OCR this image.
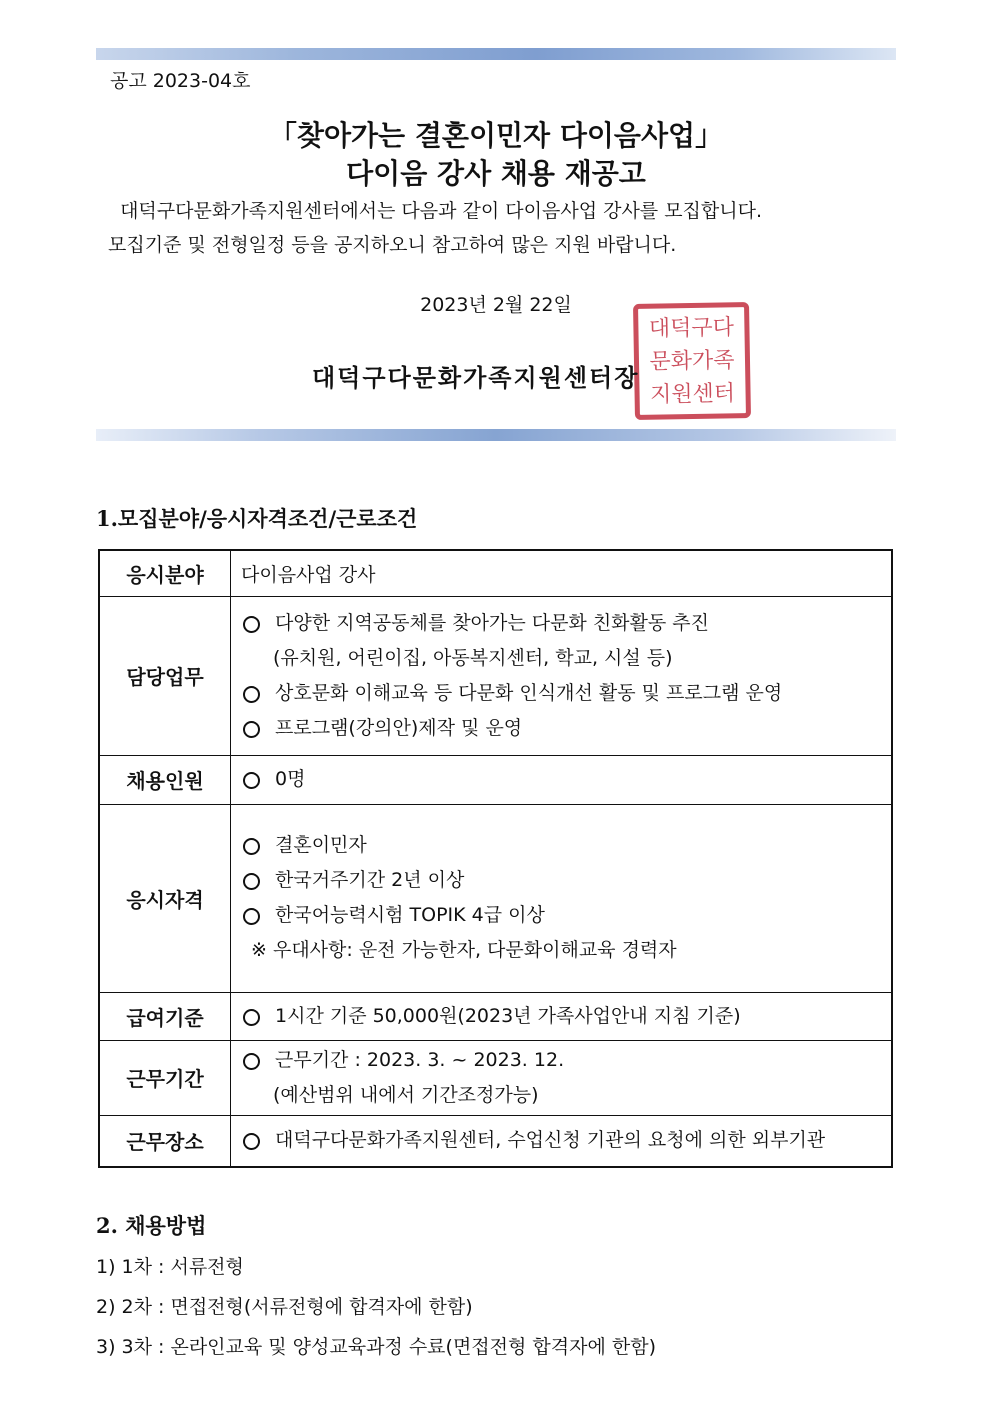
공고 2023-04호
「찾아가는 결혼이민자 다이음사업」
다이음 강사 채용 재공고
대덕구다문화가족지원센터에서는 다음과 같이 다이음사업 강사를 모집합니다.
모집기준 및 전형일정 등을 공지하오니 참고하여 많은 지원 바랍니다.
2023년 2월 22일
대덕구다
문화가족
지원센터
대덕구다문화가족지원센터장
1.모집분야/응시자격조건/근로조건
응시분야	다이음사업 강사
담당업무	다양한 지역공동체를 찾아가는 다문화 친화활동 추진
(유치원, 어린이집, 아동복지센터, 학교, 시설 등)
상호문화 이해교육 등 다문화 인식개선 활동 및 프로그램 운영
프로그램(강의안)제작 및 운영

채용인원	0명

응시자격	결혼이민자
한국거주기간 2년 이상
한국어능력시험 TOPIK 4급 이상
※ 우대사항: 운전 가능한자, 다문화이해교육 경력자

급여기준	1시간 기준 50,000원(2023년 가족사업안내 지침 기준)

근무기간	근무기간 : 2023. 3. ~ 2023. 12.
(예산범위 내에서 기간조정가능)

근무장소	대덕구다문화가족지원센터, 수업신청 기관의 요청에 의한 외부기관
2. 채용방법
1) 1차 : 서류전형
2) 2차 : 면접전형(서류전형에 합격자에 한함)
3) 3차 : 온라인교육 및 양성교육과정 수료(면접전형 합격자에 한함)
